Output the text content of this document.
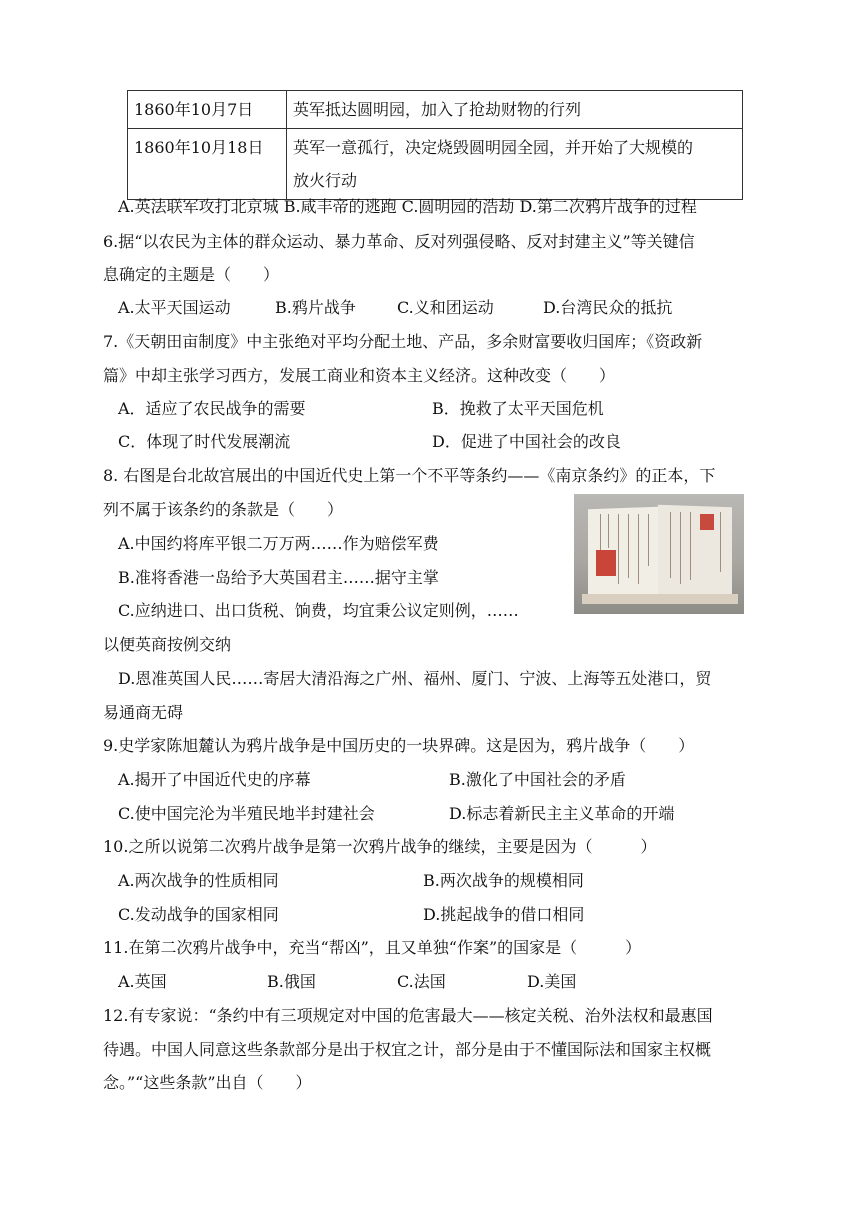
1860年10月7日	英军抵达圆明园，加入了抢劫财物的行列
1860年10月18日	英军一意孤行，决定烧毁圆明园全园，并开始了大规模的
放火行动
A.英法联军攻打北京城 B.咸丰帝的逃跑 C.圆明园的浩劫 D.第二次鸦片战争的过程
6.据“以农民为主体的群众运动、暴力革命、反对列强侵略、反对封建主义”等关键信
息确定的主题是（　　）
A.太平天国运动	B.鸦片战争	C.义和团运动	D.台湾民众的抵抗
7.《天朝田亩制度》中主张绝对平均分配土地、产品，多余财富要收归国库；《资政新
篇》中却主张学习西方，发展工商业和资本主义经济。这种改变（　　）
A．适应了农民战争的需要	B．挽救了太平天国危机
C．体现了时代发展潮流	D．促进了中国社会的改良
8. 右图是台北故宫展出的中国近代史上第一个不平等条约——《南京条约》的正本，下
列不属于该条约的条款是（　　）
A.中国约将库平银二万万两……作为赔偿军费
B.准将香港一岛给予大英国君主……据守主掌
C.应纳进口、出口货税、饷费，均宜秉公议定则例，……
以便英商按例交纳
D.恩准英国人民……寄居大清沿海之广州、福州、厦门、宁波、上海等五处港口，贸
易通商无碍
9.史学家陈旭麓认为鸦片战争是中国历史的一块界碑。这是因为，鸦片战争（　　）
A.揭开了中国近代史的序幕	B.激化了中国社会的矛盾
C.使中国完沦为半殖民地半封建社会	D.标志着新民主主义革命的开端
10.之所以说第二次鸦片战争是第一次鸦片战争的继续，主要是因为（　　　）
A.两次战争的性质相同	B.两次战争的规模相同
C.发动战争的国家相同	D.挑起战争的借口相同
11.在第二次鸦片战争中，充当“帮凶”，且又单独“作案”的国家是（　　　）
A.英国	B.俄国	C.法国	D.美国
12.有专家说：“条约中有三项规定对中国的危害最大——核定关税、治外法权和最惠国
待遇。中国人同意这些条款部分是出于权宜之计，部分是由于不懂国际法和国家主权概
念。”“这些条款”出自（　　）
